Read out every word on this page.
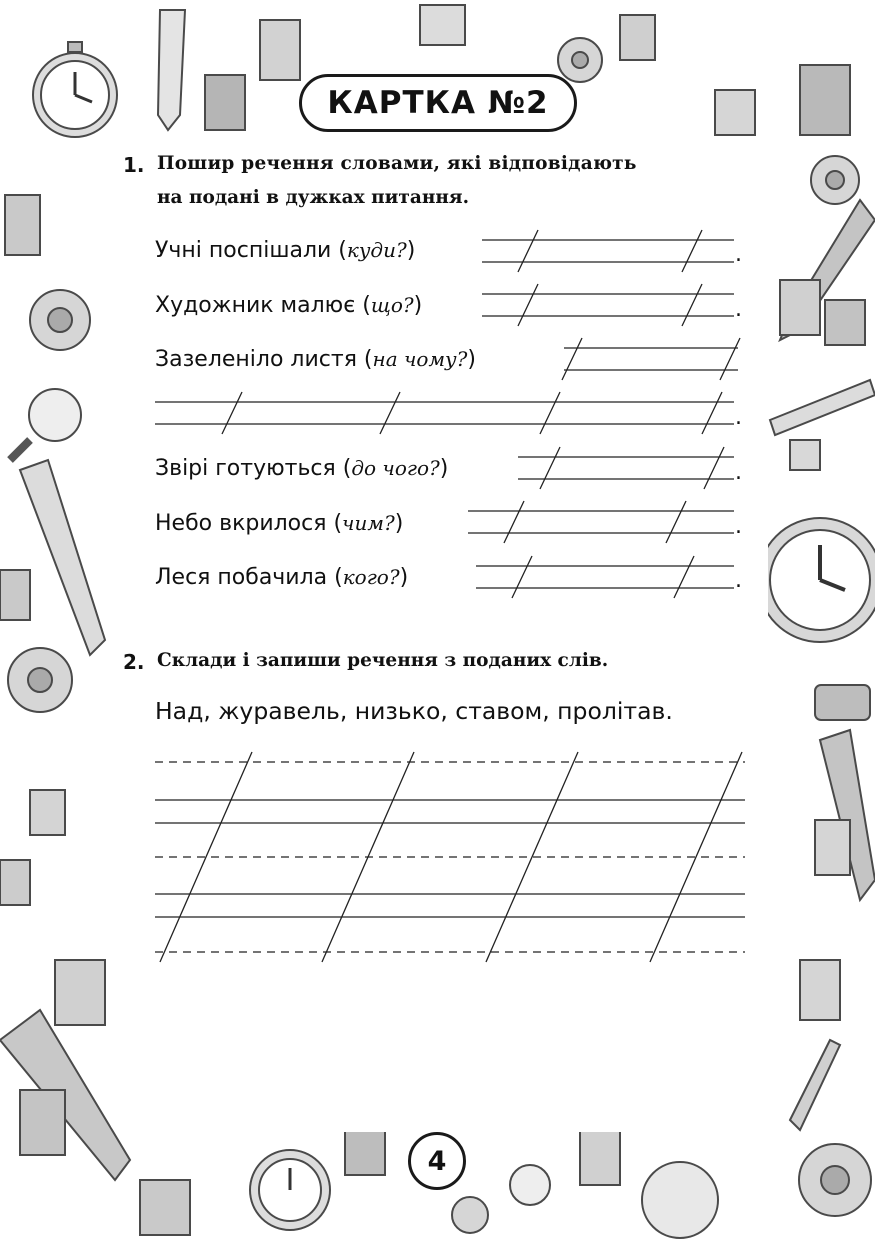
КАРТКА №2
1. Пошир речення словами, які відповідають
на подані в дужках питання.
Учні поспішали (куди?)
Художник малює (що?)
Зазеленіло листя (на чому?)
Звірі готуються (до чого?)
Небо вкрилося (чим?)
Леся побачила (кого?)
.
.
.
.
.
.
2. Склади і запиши речення з поданих слів.
Над, журавель, низько, ставом, пролітав.
4
